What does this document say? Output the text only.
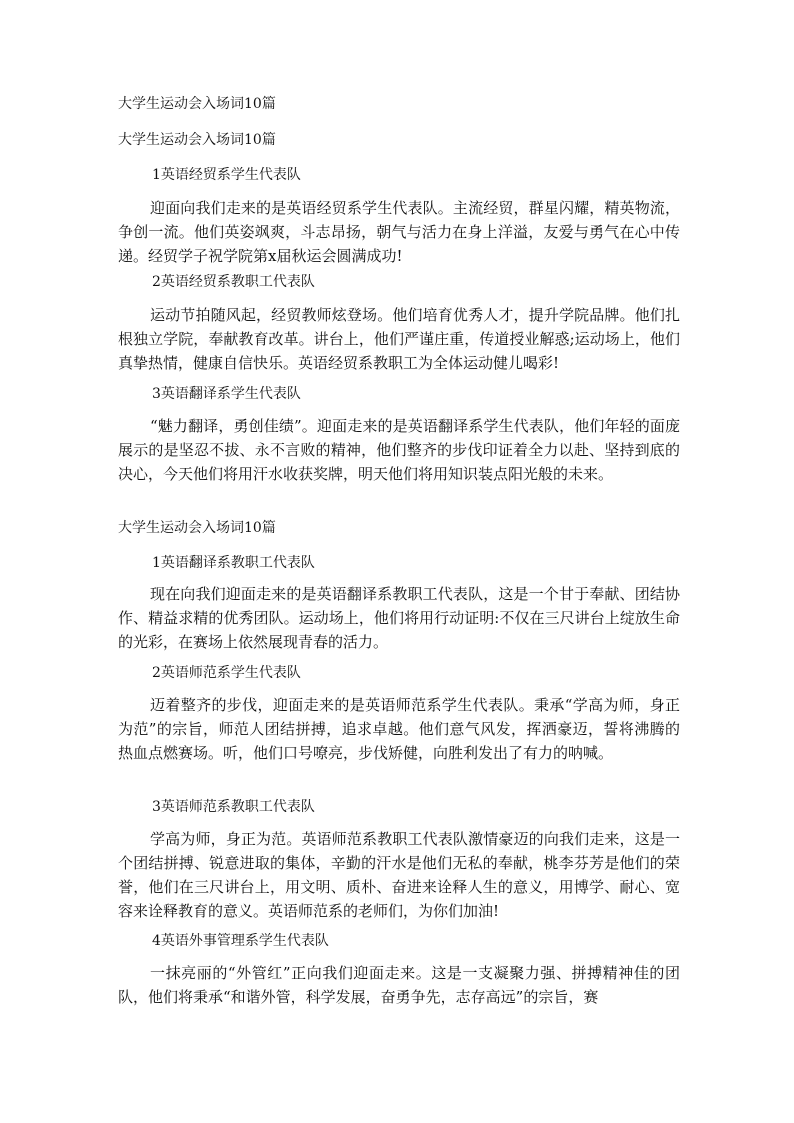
大学生运动会入场词10篇

大学生运动会入场词10篇

1英语经贸系学生代表队

迎面向我们走来的是英语经贸系学生代表队。主流经贸，群星闪耀，精英物流，争创一流。他们英姿飒爽，斗志昂扬，朝气与活力在身上洋溢，友爱与勇气在心中传递。经贸学子祝学院第x届秋运会圆满成功!

2英语经贸系教职工代表队

运动节拍随风起，经贸教师炫登场。他们培育优秀人才，提升学院品牌。他们扎根独立学院，奉献教育改革。讲台上，他们严谨庄重，传道授业解惑;运动场上，他们真挚热情，健康自信快乐。英语经贸系教职工为全体运动健儿喝彩!

3英语翻译系学生代表队

“魅力翻译，勇创佳绩”。迎面走来的是英语翻译系学生代表队，他们年轻的面庞展示的是坚忍不拔、永不言败的精神，他们整齐的步伐印证着全力以赴、坚持到底的决心，今天他们将用汗水收获奖牌，明天他们将用知识装点阳光般的未来。

大学生运动会入场词10篇

1英语翻译系教职工代表队

现在向我们迎面走来的是英语翻译系教职工代表队，这是一个甘于奉献、团结协作、精益求精的优秀团队。运动场上，他们将用行动证明:不仅在三尺讲台上绽放生命的光彩，在赛场上依然展现青春的活力。

2英语师范系学生代表队

迈着整齐的步伐，迎面走来的是英语师范系学生代表队。秉承“学高为师，身正为范”的宗旨，师范人团结拼搏，追求卓越。他们意气风发，挥洒豪迈，誓将沸腾的热血点燃赛场。听，他们口号嘹亮，步伐矫健，向胜利发出了有力的呐喊。

3英语师范系教职工代表队

学高为师，身正为范。英语师范系教职工代表队激情豪迈的向我们走来，这是一个团结拼搏、锐意进取的集体，辛勤的汗水是他们无私的奉献，桃李芬芳是他们的荣誉，他们在三尺讲台上，用文明、质朴、奋进来诠释人生的意义，用博学、耐心、宽容来诠释教育的意义。英语师范系的老师们，为你们加油!

4英语外事管理系学生代表队

一抹亮丽的“外管红”正向我们迎面走来。这是一支凝聚力强、拼搏精神佳的团队，他们将秉承“和谐外管，科学发展，奋勇争先，志存高远”的宗旨，赛
